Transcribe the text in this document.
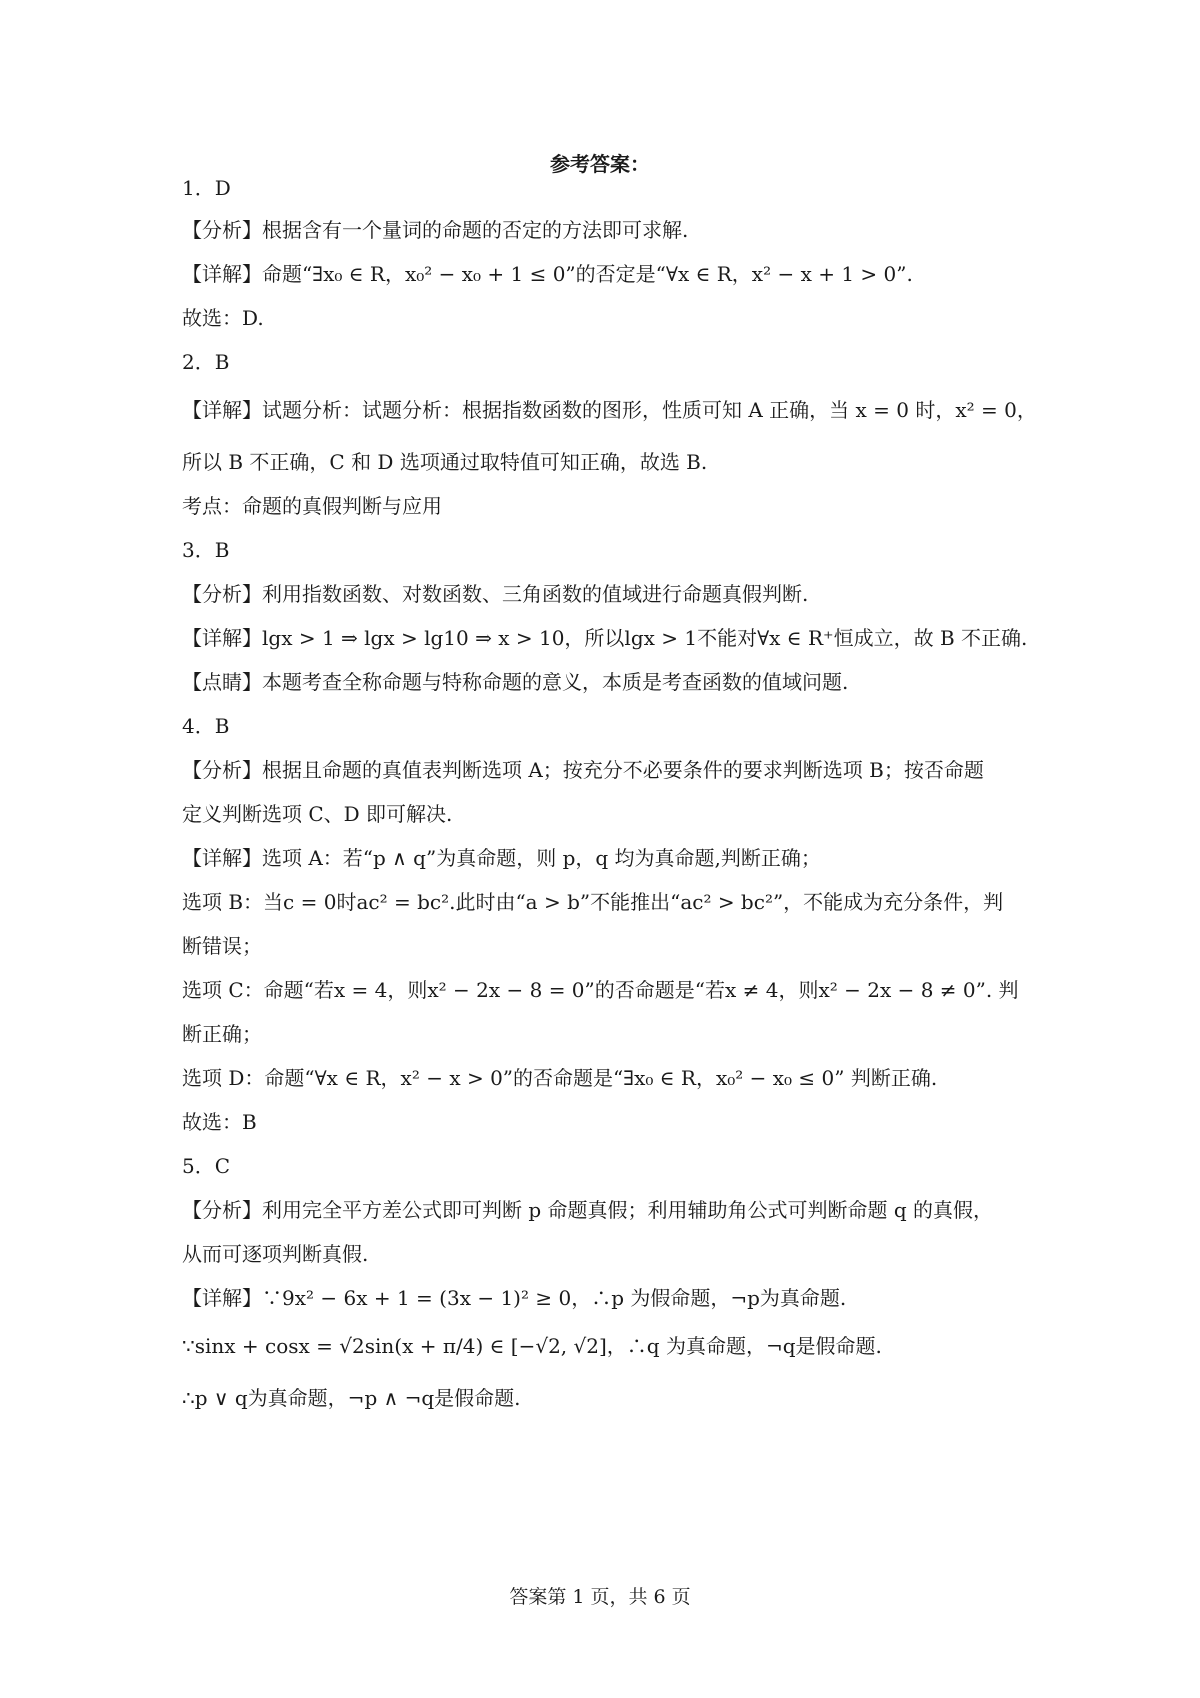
参考答案：
1．D
【分析】根据含有一个量词的命题的否定的方法即可求解.
【详解】命题“∃x₀ ∈ R，x₀² − x₀ + 1 ≤ 0”的否定是“∀x ∈ R，x² − x + 1 > 0”.
故选：D.
2．B
【详解】试题分析：试题分析：根据指数函数的图形，性质可知 A 正确，当 x = 0 时，x² = 0，
所以 B 不正确，C 和 D 选项通过取特值可知正确，故选 B.
考点：命题的真假判断与应用
3．B
【分析】利用指数函数、对数函数、三角函数的值域进行命题真假判断.
【详解】lgx > 1 ⇒ lgx > lg10 ⇒ x > 10，所以lgx > 1不能对∀x ∈ R⁺恒成立，故 B 不正确.
【点睛】本题考查全称命题与特称命题的意义，本质是考查函数的值域问题.
4．B
【分析】根据且命题的真值表判断选项 A；按充分不必要条件的要求判断选项 B；按否命题
定义判断选项 C、D 即可解决.
【详解】选项 A：若“p ∧ q”为真命题，则 p，q 均为真命题,判断正确；
选项 B：当c = 0时ac² = bc².此时由“a > b”不能推出“ac² > bc²”，不能成为充分条件，判
断错误；
选项 C：命题“若x = 4，则x² − 2x − 8 = 0”的否命题是“若x ≠ 4，则x² − 2x − 8 ≠ 0”. 判
断正确；
选项 D：命题“∀x ∈ R，x² − x > 0”的否命题是“∃x₀ ∈ R，x₀² − x₀ ≤ 0” 判断正确.
故选：B
5．C
【分析】利用完全平方差公式即可判断 p 命题真假；利用辅助角公式可判断命题 q 的真假，
从而可逐项判断真假.
【详解】∵9x² − 6x + 1 = (3x − 1)² ≥ 0，∴p 为假命题，¬p为真命题.
∵sinx + cosx = √2sin(x + π/4) ∈ [−√2, √2]，∴q 为真命题，¬q是假命题.
∴p ∨ q为真命题，¬p ∧ ¬q是假命题.
答案第 1 页，共 6 页
